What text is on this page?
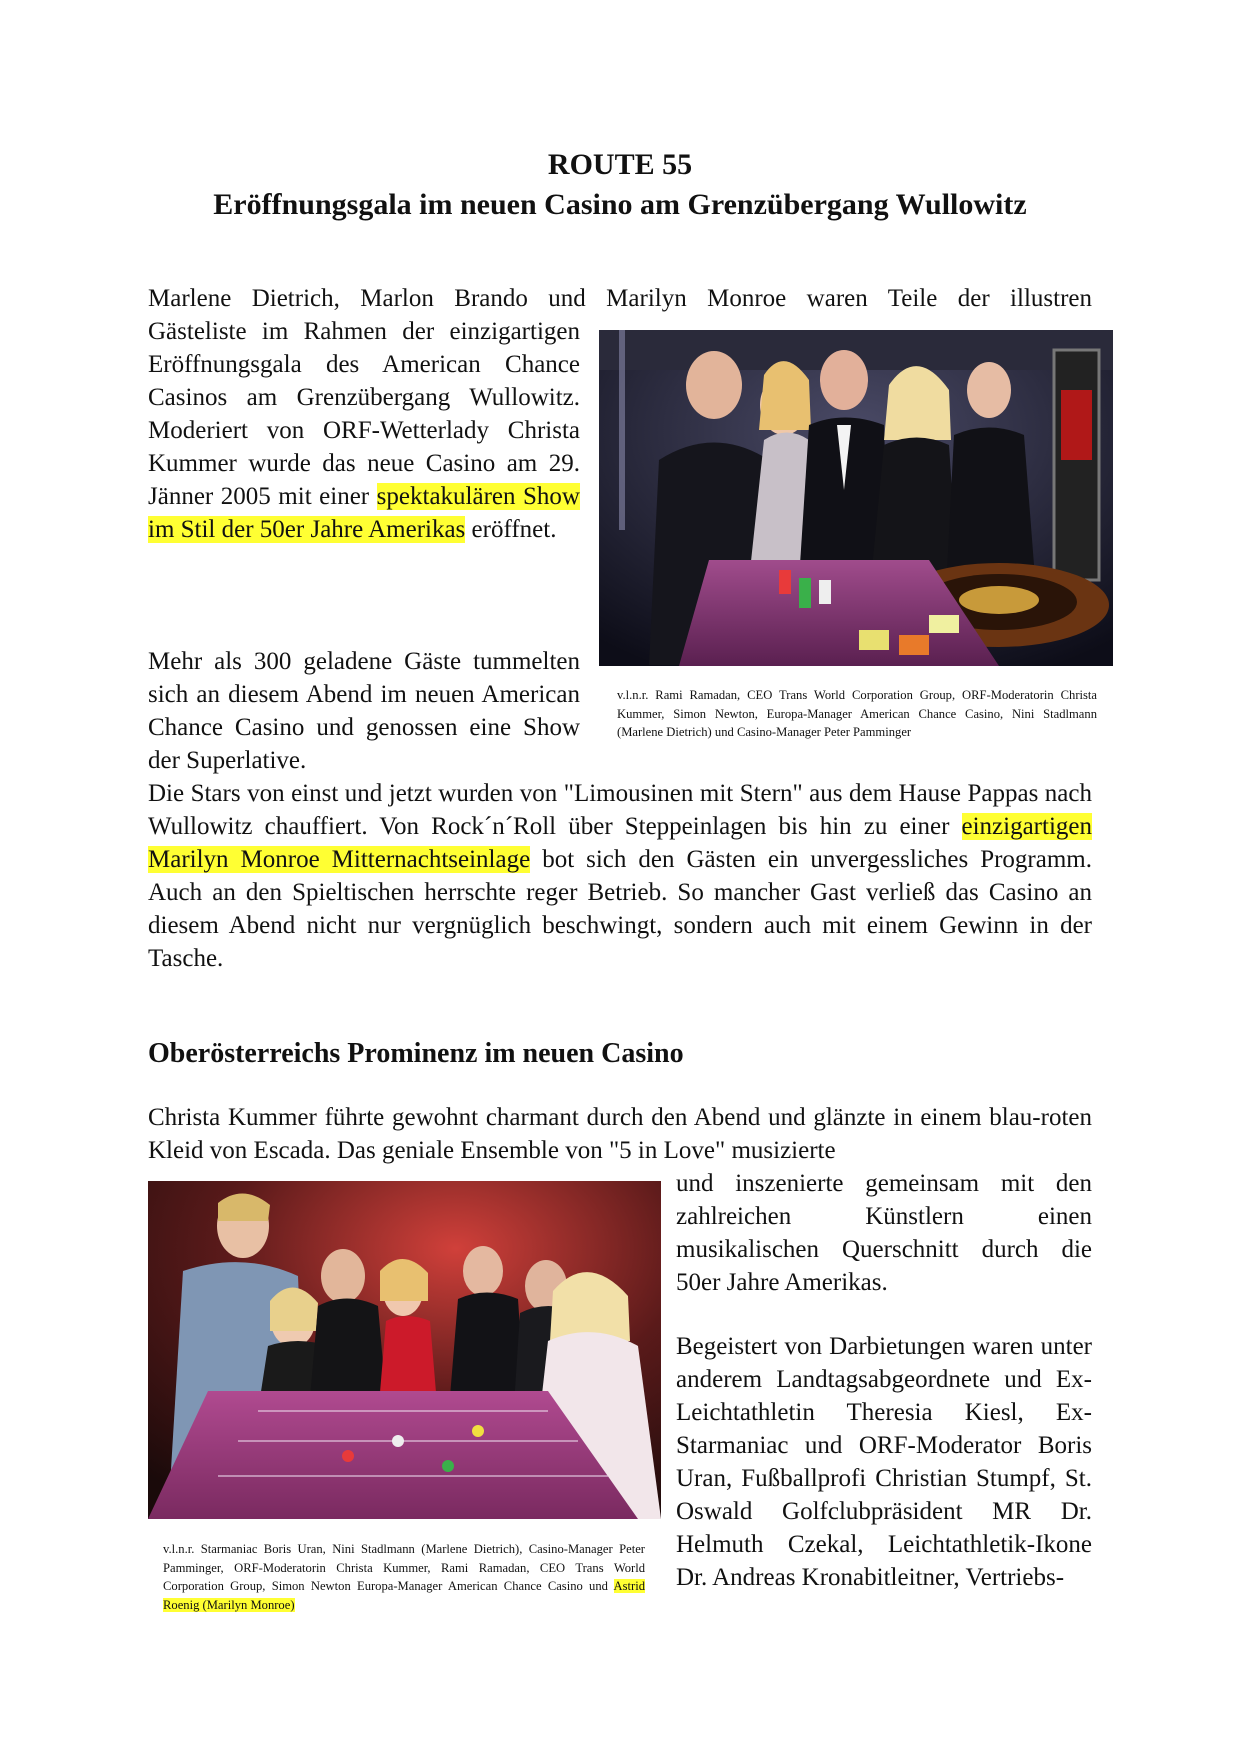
ROUTE 55
Eröffnungsgala im neuen Casino am Grenzübergang Wullowitz

Marlene Dietrich, Marlon Brando und Marilyn Monroe waren Teile der illustren

Gästeliste im Rahmen der einzigartigen Eröffnungsgala des American Chance Casinos am Grenzübergang Wullowitz. Moderiert von ORF-Wetterlady Christa Kummer wurde das neue Casino am 29. Jänner 2005 mit einer spektakulären Show im Stil der 50er Jahre Amerikas eröffnet.

v.l.n.r. Rami Ramadan, CEO Trans World Corporation Group, ORF-Moderatorin Christa Kummer, Simon Newton, Europa-Manager American Chance Casino, Nini Stadlmann (Marlene Dietrich) und Casino-Manager Peter Pamminger

Mehr als 300 geladene Gäste tummelten sich an diesem Abend im neuen American Chance Casino und genossen eine Show der Superlative.

Die Stars von einst und jetzt wurden von "Limousinen mit Stern" aus dem Hause Pappas nach Wullowitz chauffiert. Von Rock´n´Roll über Steppeinlagen bis hin zu einer einzigartigen Marilyn Monroe Mitternachtseinlage bot sich den Gästen ein unvergessliches Programm. Auch an den Spieltischen herrschte reger Betrieb. So mancher Gast verließ das Casino an diesem Abend nicht nur vergnüglich beschwingt, sondern auch mit einem Gewinn in der Tasche.

Oberösterreichs Prominenz im neuen Casino

Christa Kummer führte gewohnt charmant durch den Abend und glänzte in einem blau-roten Kleid von Escada. Das geniale Ensemble von "5 in Love" musizierte

v.l.n.r. Starmaniac Boris Uran, Nini Stadlmann (Marlene Dietrich), Casino-Manager Peter Pamminger, ORF-Moderatorin Christa Kummer, Rami Ramadan, CEO Trans World Corporation Group, Simon Newton Europa-Manager American Chance Casino und Astrid Roenig (Marilyn Monroe)

und inszenierte gemeinsam mit den zahlreichen Künstlern einen musikalischen Querschnitt durch die 50er Jahre Amerikas.

Begeistert von Darbietungen waren unter anderem Landtagsabgeordnete und Ex-Leichtathletin Theresia Kiesl, Ex-Starmaniac und ORF-Moderator Boris Uran, Fußballprofi Christian Stumpf, St. Oswald Golfclubpräsident MR Dr. Helmuth Czekal, Leichtathletik-Ikone Dr. Andreas Kronabitleitner, Vertriebs-
